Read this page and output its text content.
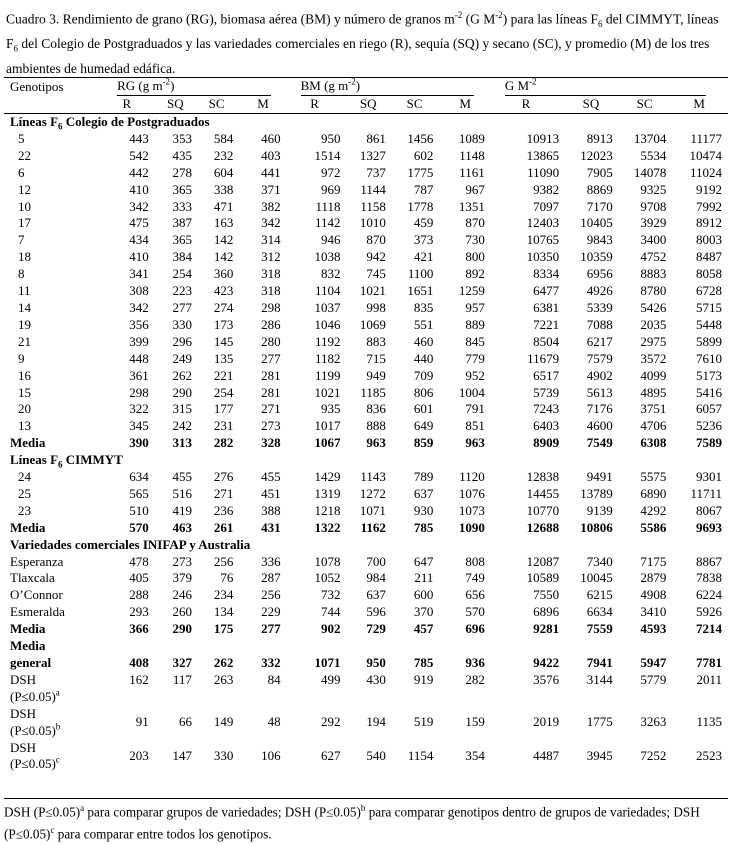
Cuadro 3. Rendimiento de grano (RG), biomasa aérea (BM) y número de granos $m^{-2}$ (G $M^{-2}$) para las líneas $F_6$ del CIMMYT, líneas $F_6$ del Colegio de Postgraduados y las variedades comerciales en riego (R), sequía (SQ) y secano (SC), y promedio (M) de los tres ambientes de humedad edáfica.
Genotipos	RG (g $m^{-2}$)				BM (g $m^{-2}$)				G $M^{-2}$
	R	SQ	SC	M	R	SQ	SC	M	R	SQ	SC	M
Líneas $F_6$ Colegio de Postgraduados												
5	443	353	584	460	950	861	1456	1089	10913	8913	13704	11177
22	542	435	232	403	1514	1327	602	1148	13865	12023	5534	10474
6	442	278	604	441	972	737	1775	1161	11090	7905	14078	11024
12	410	365	338	371	969	1144	787	967	9382	8869	9325	9192
10	342	333	471	382	1118	1158	1778	1351	7097	7170	9708	7992
17	475	387	163	342	1142	1010	459	870	12403	10405	3929	8912
7	434	365	142	314	946	870	373	730	10765	9843	3400	8003
18	410	384	142	312	1038	942	421	800	10350	10359	4752	8487
8	341	254	360	318	832	745	1100	892	8334	6956	8883	8058
11	308	223	423	318	1104	1021	1651	1259	6477	4926	8780	6728
14	342	277	274	298	1037	998	835	957	6381	5339	5426	5715
19	356	330	173	286	1046	1069	551	889	7221	7088	2035	5448
21	399	296	145	280	1192	883	460	845	8504	6217	2975	5899
9	448	249	135	277	1182	715	440	779	11679	7579	3572	7610
16	361	262	221	281	1199	949	709	952	6517	4902	4099	5173
15	298	290	254	281	1021	1185	806	1004	5739	5613	4895	5416
20	322	315	177	271	935	836	601	791	7243	7176	3751	6057
13	345	242	231	273	1017	888	649	851	6403	4600	4706	5236
Media	390	313	282	328	1067	963	859	963	8909	7549	6308	7589
Líneas $F_6$ CIMMYT												
24	634	455	276	455	1429	1143	789	1120	12838	9491	5575	9301
25	565	516	271	451	1319	1272	637	1076	14455	13789	6890	11711
23	510	419	236	388	1218	1071	930	1073	10770	9139	4292	8067
Media	570	463	261	431	1322	1162	785	1090	12688	10806	5586	9693
Variedades comerciales INIFAP y Australia												
Esperanza	478	273	256	336	1078	700	647	808	12087	7340	7175	8867
Tlaxcala	405	379	76	287	1052	984	211	749	10589	10045	2879	7838
O’Connor	288	246	234	256	732	637	600	656	7550	6215	4908	6224
Esmeralda	293	260	134	229	744	596	370	570	6896	6634	3410	5926
Media	366	290	175	277	902	729	457	696	9281	7559	4593	7214
Media												
general	408	327	262	332	1071	950	785	936	9422	7941	5947	7781
DSH
(P≤0.05)$^a$	162	117	263	84	499	430	919	282	3576	3144	5779	2011
DSH
(P≤0.05)$^b$	91	66	149	48	292	194	519	159	2019	1775	3263	1135
DSH
(P≤0.05)$^c$	203	147	330	106	627	540	1154	354	4487	3945	7252	2523
DSH (P≤0.05)$^a$ para comparar grupos de variedades; DSH (P≤0.05)$^b$ para comparar genotipos dentro de grupos de variedades; DSH (P≤0.05)$^c$ para comparar entre todos los genotipos.
